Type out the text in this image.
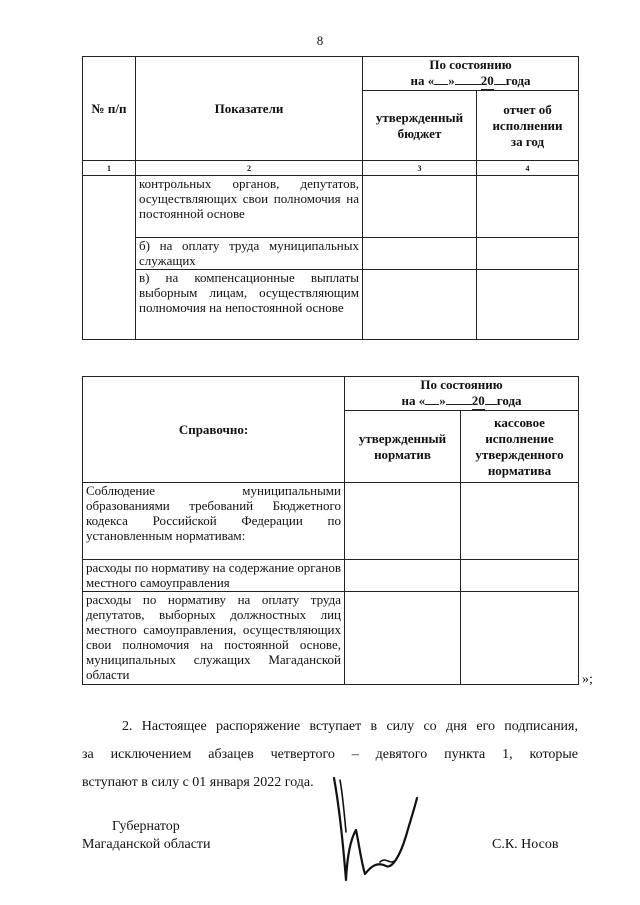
8
№ п/п	Показатели	По состоянию
на « » 20 года	

		утвержденный бюджет	отчет об исполнении за год
1	2	3	4
	контрольных органов, депутатов, осуществляющих свои полномочия на постоянной основе		
	б) на оплату труда муниципальных служащих		
	в) на компенсационные выплаты выборным лицам, осуществляющим полномочия на непостоянной основе		
Справочно:	По состоянию
на « » 20 года	

	утвержденный норматив	кассовое исполнение утвержденного норматива
Соблюдение муниципальными образованиями требований Бюджетного кодекса Российской Федерации по установленным нормативам:		
расходы по нормативу на содержание органов местного самоуправления		
расходы по нормативу на оплату труда депутатов, выборных должностных лиц местного самоуправления, осуществляющих свои полномочия на постоянной основе, муниципальных служащих Магаданской области			»;
2. Настоящее распоряжение вступает в силу со дня его подписания,
за исключением абзацев четвертого – девятого пункта 1, которые
вступают в силу с 01 января 2022 года.
Губернатор
Магаданской области	С.К. Носов
